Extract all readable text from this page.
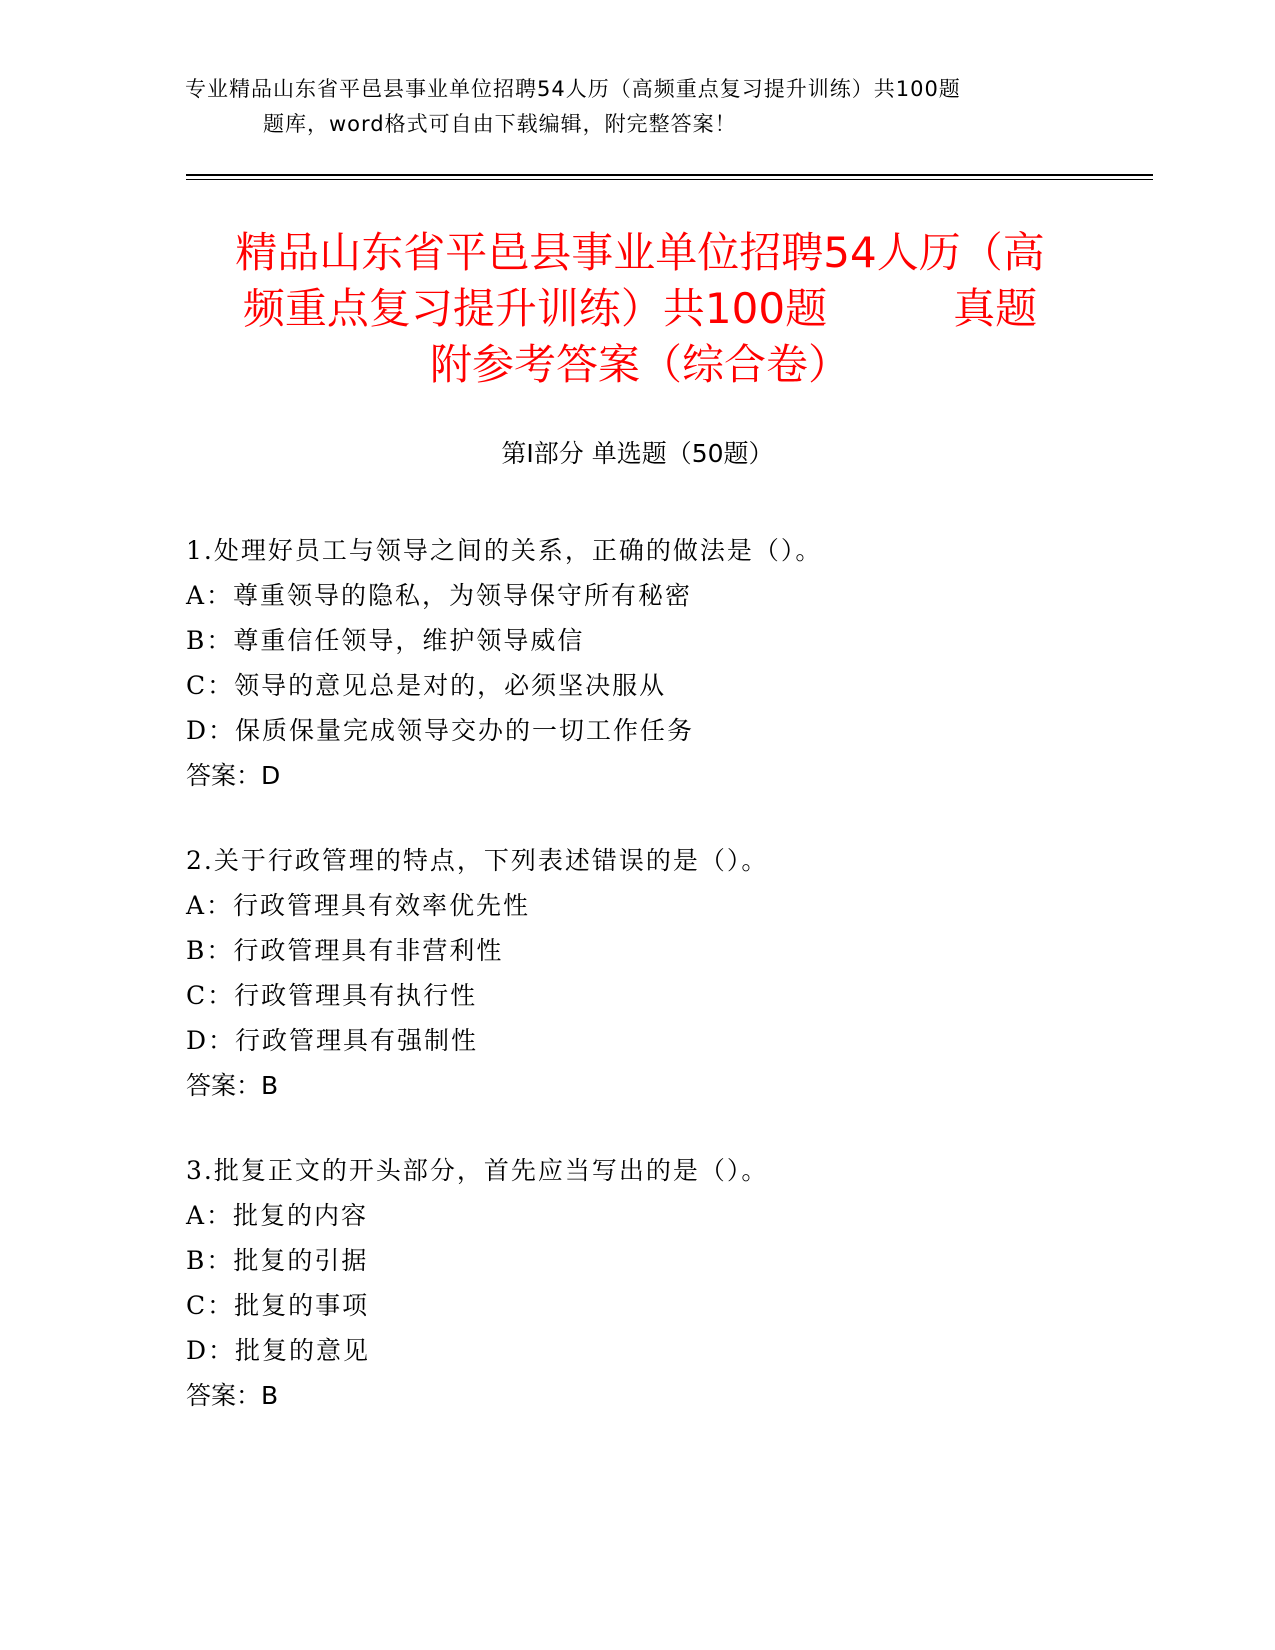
专业精品山东省平邑县事业单位招聘54人历（高频重点复习提升训练）共100题
题库，word格式可自由下载编辑，附完整答案！
精品山东省平邑县事业单位招聘54人历（高
频重点复习提升训练）共100题　　　真题
附参考答案（综合卷）
第Ⅰ部分 单选题（50题）
1.处理好员工与领导之间的关系，正确的做法是（）。
A：尊重领导的隐私，为领导保守所有秘密
B：尊重信任领导，维护领导威信
C：领导的意见总是对的，必须坚决服从
D：保质保量完成领导交办的一切工作任务
答案：D
2.关于行政管理的特点，下列表述错误的是（）。
A：行政管理具有效率优先性
B：行政管理具有非营利性
C：行政管理具有执行性
D：行政管理具有强制性
答案：B
3.批复正文的开头部分，首先应当写出的是（）。
A：批复的内容
B：批复的引据
C：批复的事项
D：批复的意见
答案：B
